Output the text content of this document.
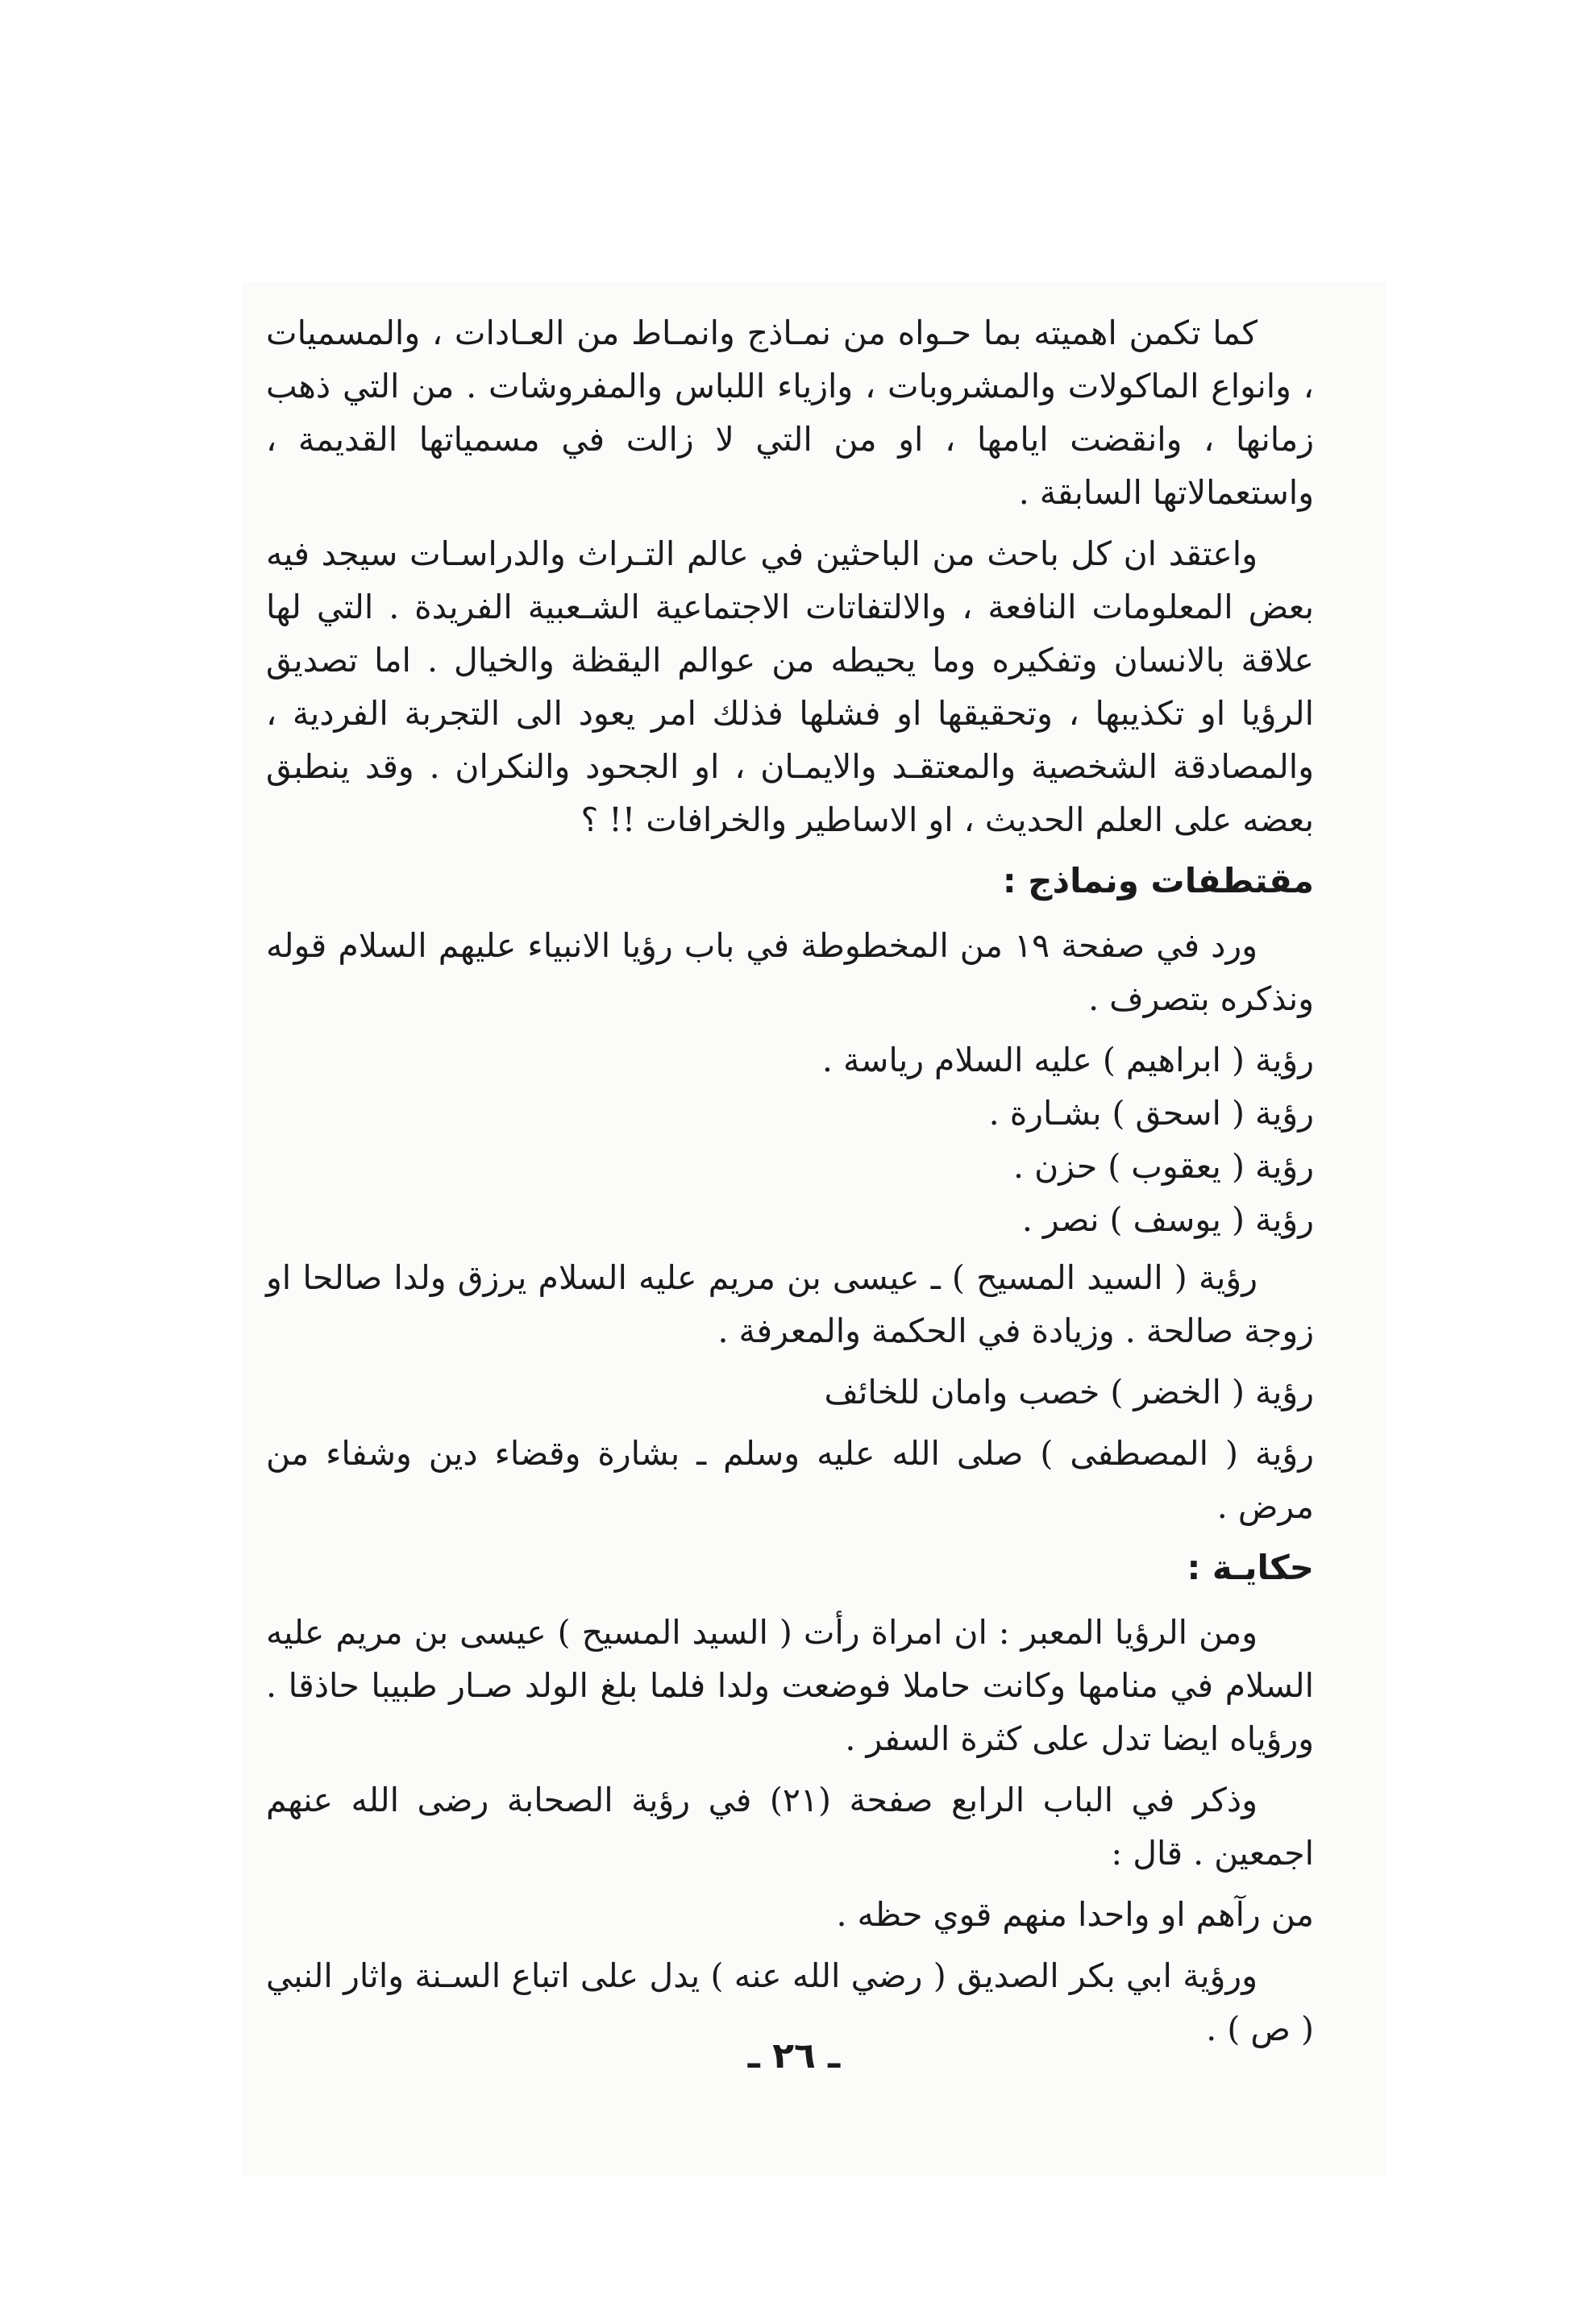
كما تكمن اهميته بما حـواه من نمـاذج وانمـاط من العـادات ، والمسميات ، وانواع الماكولات والمشروبات ، وازياء اللباس والمفروشات . من التي ذهب زمانها ، وانقضت ايامها ، او من التي لا زالت في مسمياتها القديمة ، واستعمالاتها السابقة .

واعتقد ان كل باحث من الباحثين في عالم التـراث والدراسـات سيجد فيه بعض المعلومات النافعة ، والالتفاتات الاجتماعية الشـعبية الفريدة . التي لها علاقة بالانسان وتفكيره وما يحيطه من عوالم اليقظة والخيال . اما تصديق الرؤيا او تكذيبها ، وتحقيقها او فشلها فذلك امر يعود الى التجربة الفردية ، والمصادقة الشخصية والمعتقـد والايمـان ، او الجحود والنكران . وقد ينطبق بعضه على العلم الحديث ، او الاساطير والخرافات !! ؟

مقتطفات ونماذج :

ورد في صفحة ١٩ من المخطوطة في باب رؤيا الانبياء عليهم السلام قوله ونذكره بتصرف .

رؤية ( ابراهيم ) عليه السلام رياسة .
رؤية ( اسحق ) بشـارة .
رؤية ( يعقوب ) حزن .
رؤية ( يوسف ) نصر .

رؤية ( السيد المسيح ) ـ عيسى بن مريم عليه السلام يرزق ولدا صالحا او زوجة صالحة . وزيادة في الحكمة والمعرفة .

رؤية ( الخضر ) خصب وامان للخائف

رؤية ( المصطفى ) صلى الله عليه وسلم ـ بشارة وقضاء دين وشفاء من مرض .

حكايـة :

ومن الرؤيا المعبر : ان امراة رأت ( السيد المسيح ) عيسى بن مريم عليه السلام في منامها وكانت حاملا فوضعت ولدا فلما بلغ الولد صـار طبيبا حاذقا . ورؤياه ايضا تدل على كثرة السفر .

وذكر في الباب الرابع صفحة (٢١) في رؤية الصحابة رضى الله عنهم اجمعين . قال :

من رآهم او واحدا منهم قوي حظه .

ورؤية ابي بكر الصديق ( رضي الله عنه ) يدل على اتباع السـنة واثار النبي ( ص ) .

ـ ٢٦ ـ
